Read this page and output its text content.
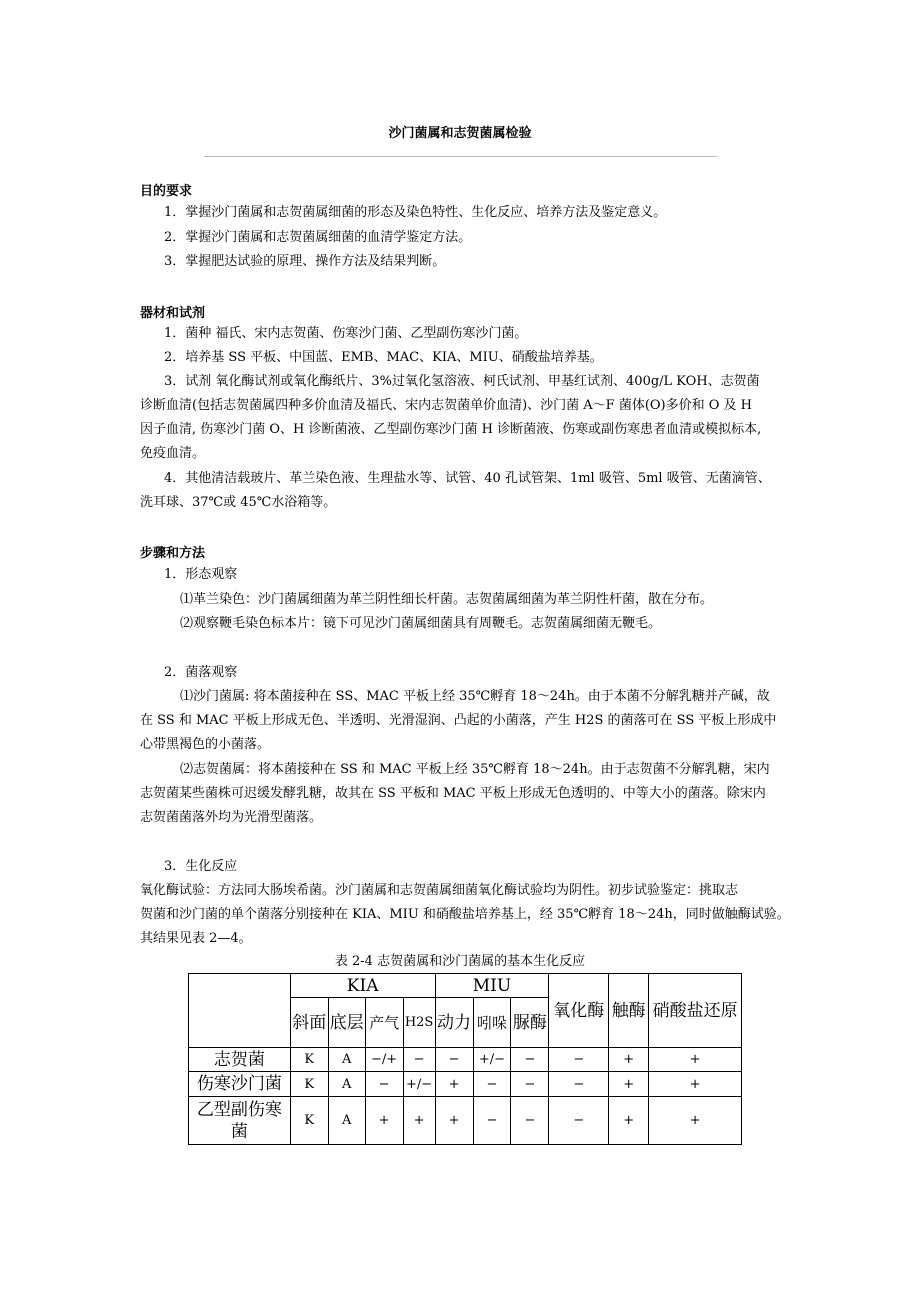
沙门菌属和志贺菌属检验
目的要求
1．掌握沙门菌属和志贺菌属细菌的形态及染色特性、生化反应、培养方法及鉴定意义。
2．掌握沙门菌属和志贺菌属细菌的血清学鉴定方法。
3．掌握肥达试验的原理、操作方法及结果判断。
器材和试剂
1．菌种 福氏、宋内志贺菌、伤寒沙门菌、乙型副伤寒沙门菌。
2．培养基 SS 平板、中国蓝、EMB、MAC、KIA、MIU、硝酸盐培养基。
3．试剂 氧化酶试剂或氧化酶纸片、3%过氧化氢溶液、柯氏试剂、甲基红试剂、400g/L KOH、志贺菌
诊断血清(包括志贺菌属四种多价血清及福氏、宋内志贺菌单价血清)、沙门菌 A～F 菌体(O)多价和 O 及 H
因子血清, 伤寒沙门菌 O、H 诊断菌液、乙型副伤寒沙门菌 H 诊断菌液、伤寒或副伤寒患者血清或模拟标本,
免疫血清。
4．其他清洁载玻片、革兰染色液、生理盐水等、试管、40 孔试管架、1ml 吸管、5ml 吸管、无菌滴管、
洗耳球、37℃或 45℃水浴箱等。
步骤和方法
1．形态观察
⑴革兰染色：沙门菌属细菌为革兰阴性细长杆菌。志贺菌属细菌为革兰阴性杆菌，散在分布。
⑵观察鞭毛染色标本片：镜下可见沙门菌属细菌具有周鞭毛。志贺菌属细菌无鞭毛。
2．菌落观察
⑴沙门菌属: 将本菌接种在 SS、MAC 平板上经 35℃孵育 18～24h。由于本菌不分解乳糖并产碱，故
在 SS 和 MAC 平板上形成无色、半透明、光滑湿润、凸起的小菌落，产生 H2S 的菌落可在 SS 平板上形成中
心带黑褐色的小菌落。
⑵志贺菌属：将本菌接种在 SS 和 MAC 平板上经 35℃孵育 18～24h。由于志贺菌不分解乳糖，宋内
志贺菌某些菌株可迟缓发酵乳糖，故其在 SS 平板和 MAC 平板上形成无色透明的、中等大小的菌落。除宋内
志贺菌菌落外均为光滑型菌落。
3．生化反应
氧化酶试验：方法同大肠埃希菌。沙门菌属和志贺菌属细菌氧化酶试验均为阴性。初步试验鉴定：挑取志
贺菌和沙门菌的单个菌落分别接种在 KIA、MIU 和硝酸盐培养基上，经 35℃孵育 18～24h，同时做触酶试验。
其结果见表 2—4。
表 2-4 志贺菌属和沙门菌属的基本生化反应
	KIA				MIU			氧化酶	触酶	硝酸盐还原
	斜面	底层	产气	H2S	动力	吲哚	脲酶			
志贺菌	K	A	−/+	−	−	+/−	−	−	+	+
伤寒沙门菌	K	A	−	+/−	+	−	−	−	+	+
乙型副伤寒菌	K	A	+	+	+	−	−	−	+	+
